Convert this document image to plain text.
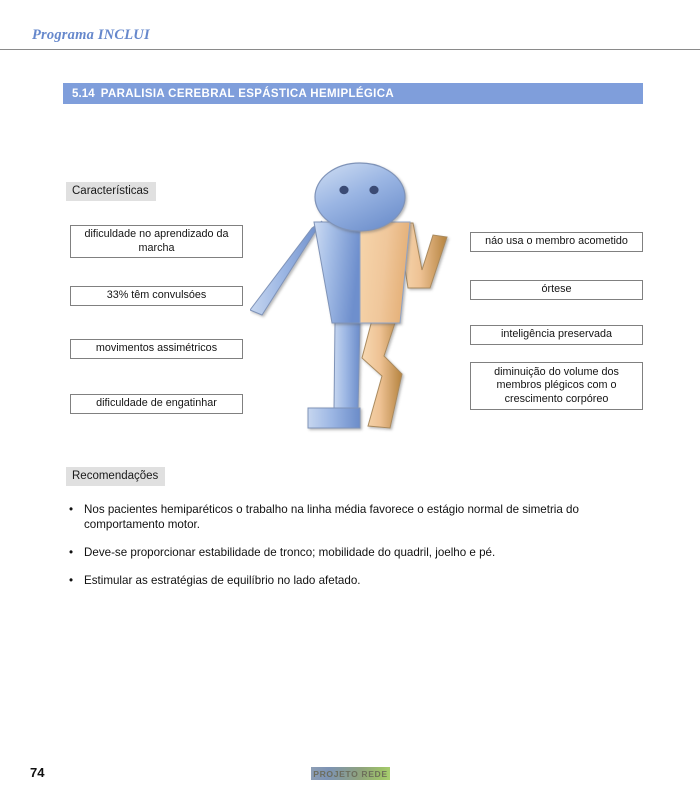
Programa INCLUI
5.14 PARALISIA CEREBRAL ESPÁSTICA HEMIPLÉGICA
Características
dificuldade no aprendizado da marcha
33% têm convulsóes
movimentos assimétricos
dificuldade de engatinhar
náo usa o membro acometido
órtese
inteligência preservada
diminuição do volume dos membros plégicos com o crescimento corpóreo
Recomendações
• Nos pacientes hemiparéticos o trabalho na linha média favorece o estágio normal de simetria do comportamento motor.
• Deve-se proporcionar estabilidade de tronco; mobilidade do quadril, joelho e pé.
• Estimular as estratégias de equilíbrio no lado afetado.
74	PROJETO REDE
